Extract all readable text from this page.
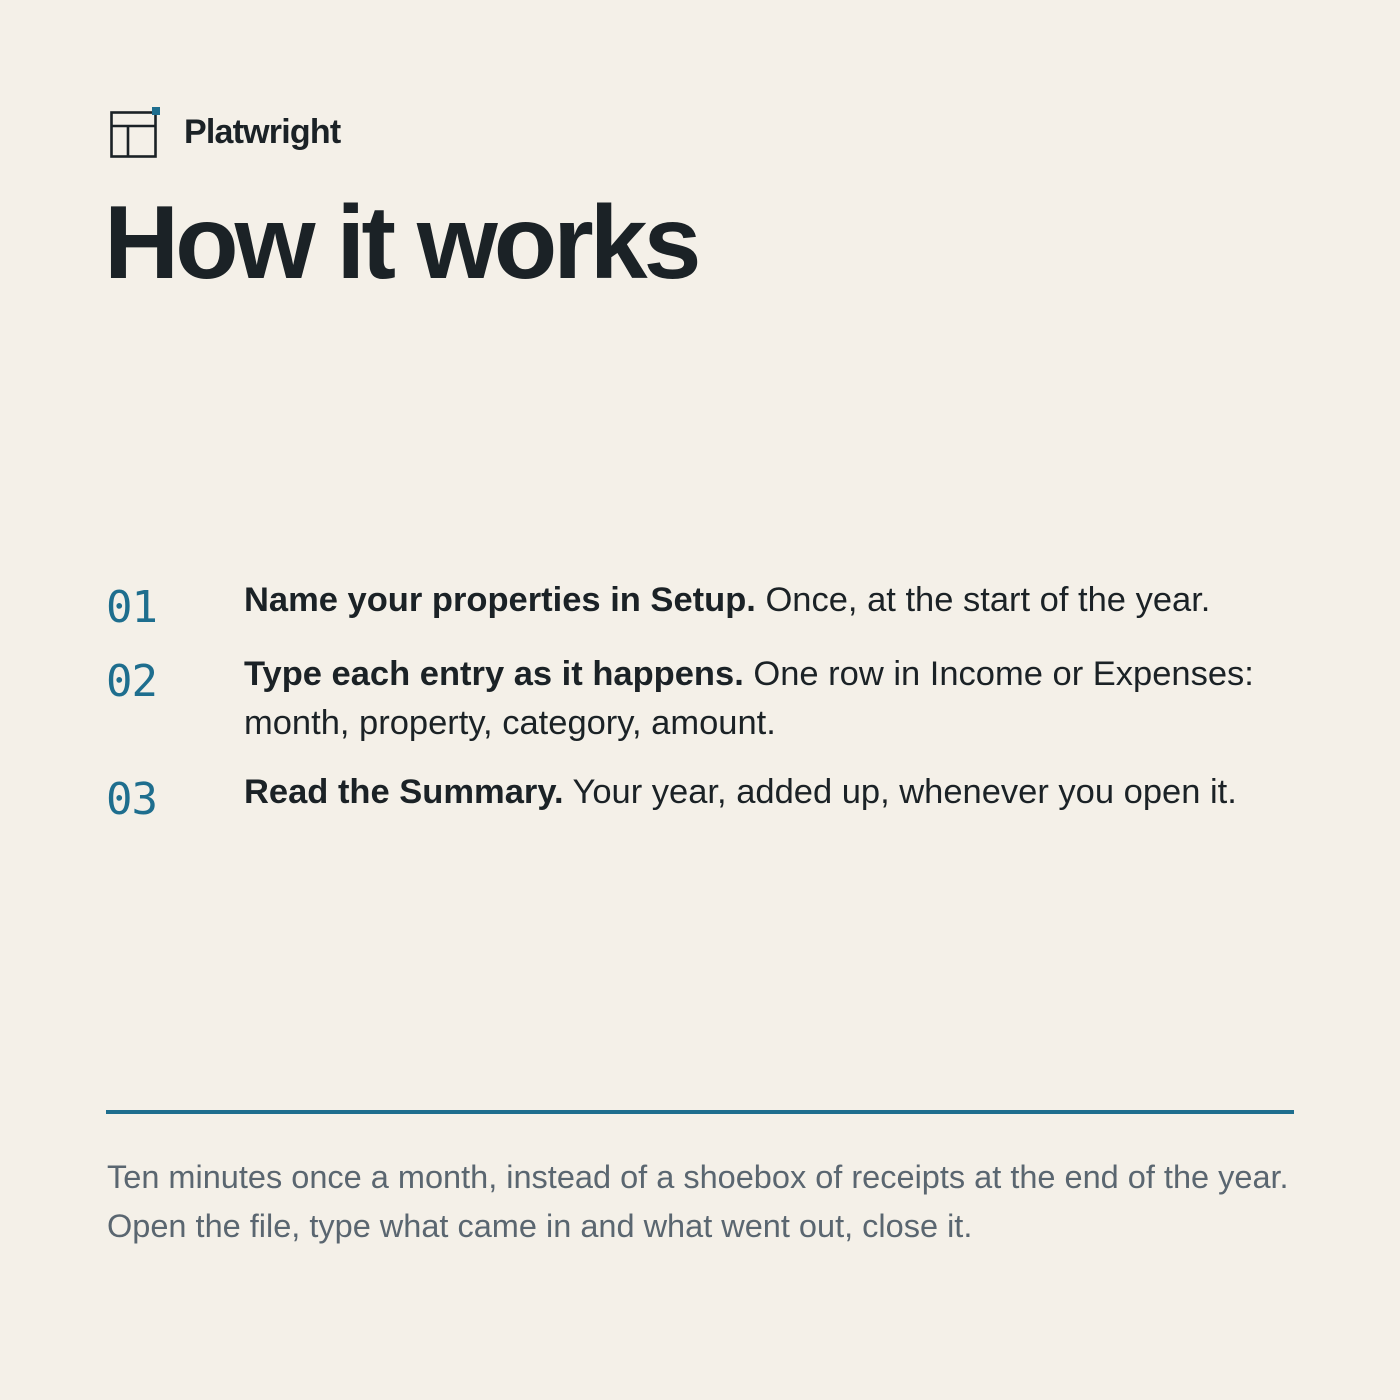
Platwright
How it works
01	Name your properties in Setup. Once, at the start of the year.

02	Type each entry as it happens. One row in Income or Expenses: month, property, category, amount.

03	Read the Summary. Your year, added up, whenever you open it.

Ten minutes once a month, instead of a shoebox of receipts at the end of the year. Open the file, type what came in and what went out, close it.
